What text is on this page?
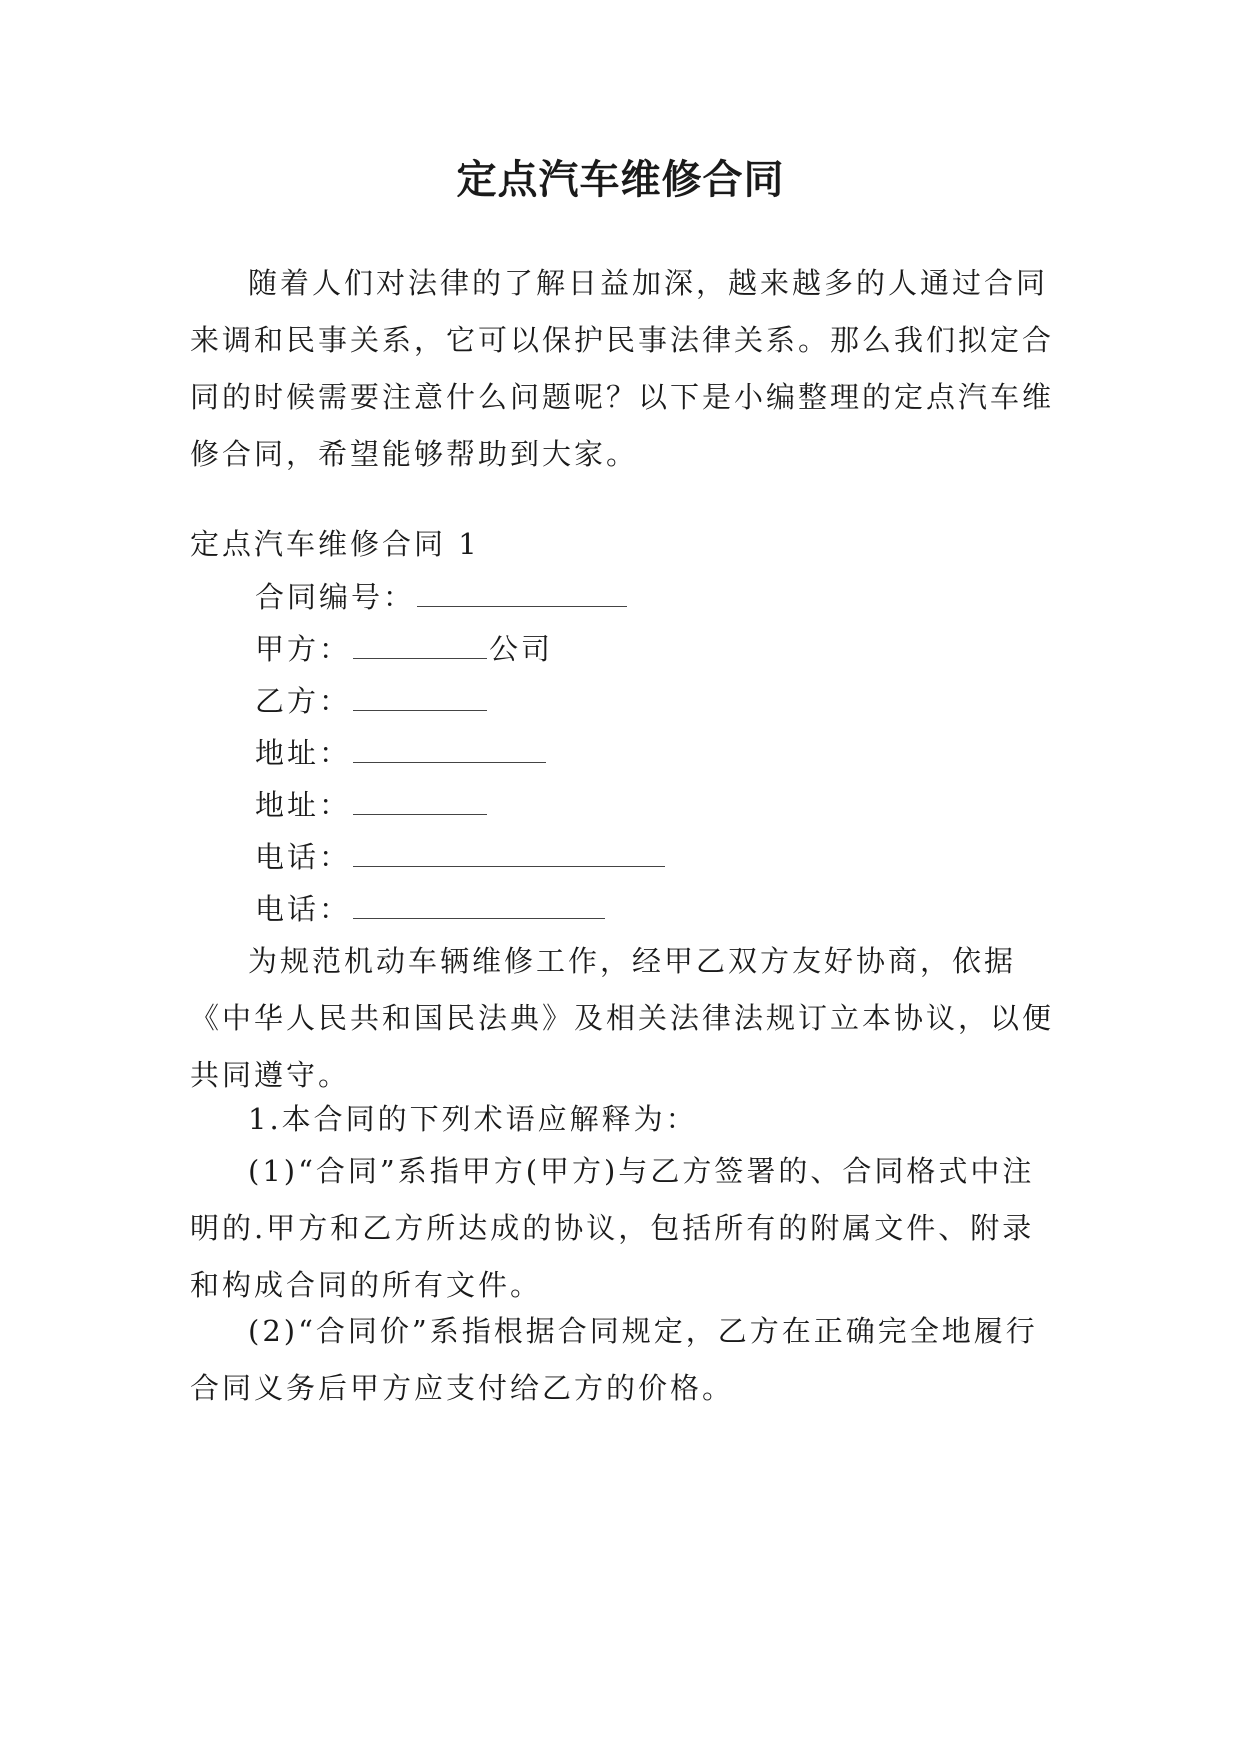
定点汽车维修合同

随着人们对法律的了解日益加深，越来越多的人通过合同来调和民事关系，它可以保护民事法律关系。那么我们拟定合同的时候需要注意什么问题呢？以下是小编整理的定点汽车维修合同，希望能够帮助到大家。

定点汽车维修合同 1

合同编号：

甲方：	公司

乙方：

地址：

地址：

电话：

电话：

为规范机动车辆维修工作，经甲乙双方友好协商，依据《中华人民共和国民法典》及相关法律法规订立本协议，以便共同遵守。

1.本合同的下列术语应解释为：

(1)“合同”系指甲方(甲方)与乙方签署的、合同格式中注明的.甲方和乙方所达成的协议，包括所有的附属文件、附录和构成合同的所有文件。

(2)“合同价”系指根据合同规定，乙方在正确完全地履行合同义务后甲方应支付给乙方的价格。
